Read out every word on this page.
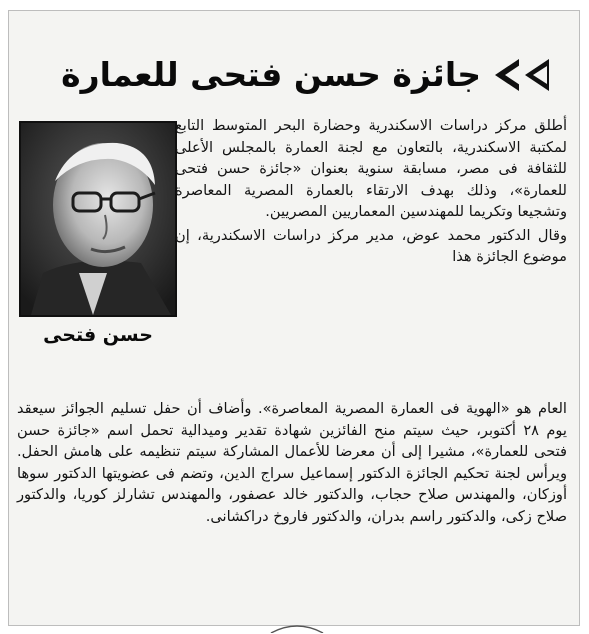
جائزة حسن فتحى للعمارة
حسن فتحى

أطلق مركز دراسات الاسكندرية وحضارة البحر المتوسط التابع لمكتبة الاسكندرية، بالتعاون مع لجنة العمارة بالمجلس الأعلى للثقافة فى مصر، مسابقة سنوية بعنوان «جائزة حسن فتحى للعمارة»، وذلك بهدف الارتقاء بالعمارة المصرية المعاصرة وتشجيعا وتكريما للمهندسين المعماريين المصريين.

وقال الدكتور محمد عوض، مدير مركز دراسات الاسكندرية، إن موضوع الجائزة هذا

العام هو «الهوية فى العمارة المصرية المعاصرة». وأضاف أن حفل تسليم الجوائز سيعقد يوم ٢٨ أكتوبر، حيث سيتم منح الفائزين شهادة تقدير وميدالية تحمل اسم «جائزة حسن فتحى للعمارة»، مشيرا إلى أن معرضا للأعمال المشاركة سيتم تنظيمه على هامش الحفل. ويرأس لجنة تحكيم الجائزة الدكتور إسماعيل سراج الدين، وتضم فى عضويتها الدكتور سوها أوزكان، والمهندس صلاح حجاب، والدكتور خالد عصفور، والمهندس تشارلز كوريا، والدكتور صلاح زكى، والدكتور راسم بدران، والدكتور فاروخ دراكشانى.
